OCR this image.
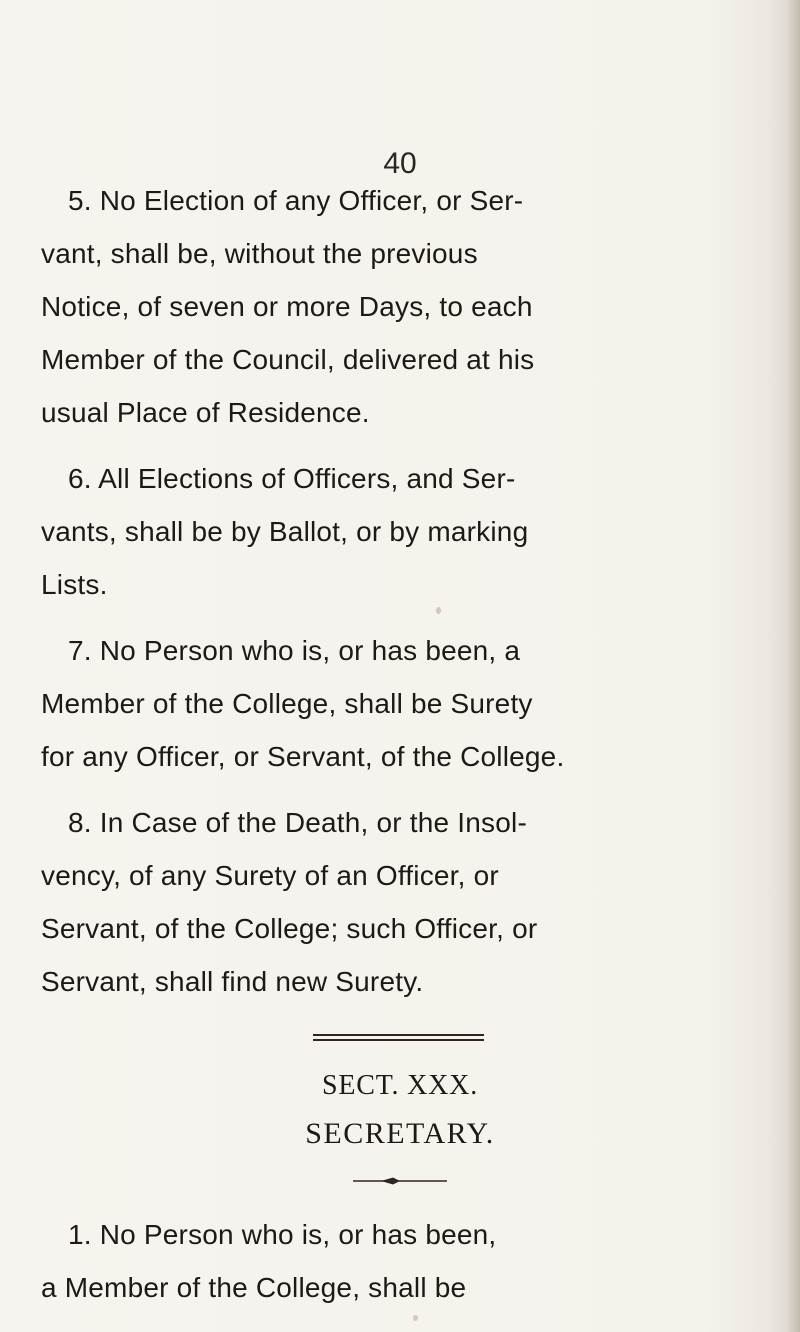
40
5. No Election of any Officer, or Ser-
vant, shall be, without the previous
Notice, of seven or more Days, to each
Member of the Council, delivered at his
usual Place of Residence.
6. All Elections of Officers, and Ser-
vants, shall be by Ballot, or by marking
Lists.
7. No Person who is, or has been, a
Member of the College, shall be Surety
for any Officer, or Servant, of the College.
8. In Case of the Death, or the Insol-
vency, of any Surety of an Officer, or
Servant, of the College; such Officer, or
Servant, shall find new Surety.
SECT. XXX.
SECRETARY.
1. No Person who is, or has been,
a Member of the College, shall be
